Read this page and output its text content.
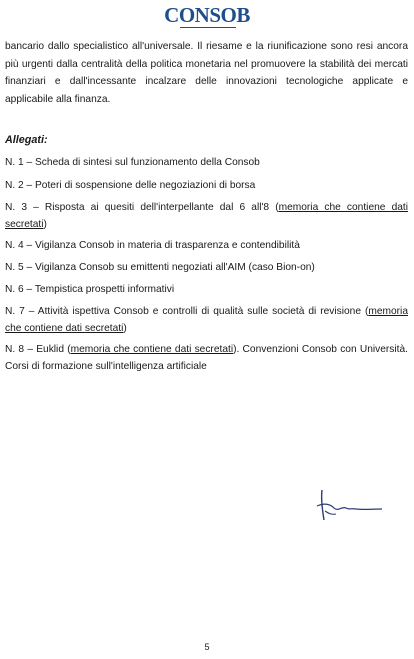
CONSOB

bancario dallo specialistico all'universale. Il riesame e la riunificazione sono resi ancora più urgenti dalla centralità della politica monetaria nel promuovere la stabilità dei mercati finanziari e dall'incessante incalzare delle innovazioni tecnologiche applicate e applicabile alla finanza.

Allegati:

N. 1 – Scheda di sintesi sul funzionamento della Consob

N. 2 – Poteri di sospensione delle negoziazioni di borsa

N. 3 – Risposta ai quesiti dell'interpellante dal 6 all'8 (memoria che contiene dati secretati)

N. 4 – Vigilanza Consob in materia di trasparenza e contendibilità

N. 5 – Vigilanza Consob su emittenti negoziati all'AIM (caso Bion-on)

N. 6 – Tempistica prospetti informativi

N. 7 – Attività ispettiva Consob e controlli di qualità sulle società di revisione (memoria che contiene dati secretati)

N. 8 – Euklid (memoria che contiene dati secretati). Convenzioni Consob con Università. Corsi di formazione sull'intelligenza artificiale

5
